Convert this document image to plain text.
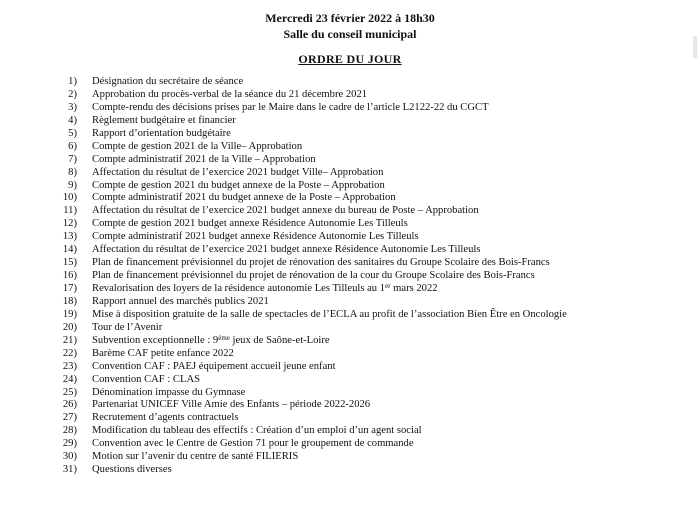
Mercredi 23 février 2022 à 18h30
Salle du conseil municipal
ORDRE DU JOUR
1) Désignation du secrétaire de séance
2) Approbation du procès-verbal de la séance du 21 décembre 2021
3) Compte-rendu des décisions prises par le Maire dans le cadre de l’article L2122-22 du CGCT
4) Règlement budgétaire et financier
5) Rapport d’orientation budgétaire
6) Compte de gestion 2021 de la Ville– Approbation
7) Compte administratif 2021 de la Ville – Approbation
8) Affectation du résultat de l’exercice 2021 budget Ville– Approbation
9) Compte de gestion 2021 du budget annexe de la Poste – Approbation
10) Compte administratif 2021 du budget annexe de la Poste – Approbation
11) Affectation du résultat de l’exercice 2021 budget annexe du bureau de Poste – Approbation
12) Compte de gestion 2021 budget annexe Résidence Autonomie Les Tilleuls
13) Compte administratif 2021 budget annexe Résidence Autonomie Les Tilleuls
14) Affectation du résultat de l’exercice 2021 budget annexe Résidence Autonomie Les Tilleuls
15) Plan de financement prévisionnel du projet de rénovation des sanitaires du Groupe Scolaire des Bois-Francs
16) Plan de financement prévisionnel du projet de rénovation de la cour du Groupe Scolaire des Bois-Francs
17) Revalorisation des loyers de la résidence autonomie Les Tilleuls au 1er mars 2022
18) Rapport annuel des marchés publics 2021
19) Mise à disposition gratuite de la salle de spectacles de l’ECLA au profit de l’association Bien Être en Oncologie
20) Tour de l’Avenir
21) Subvention exceptionnelle : 9ème jeux de Saône-et-Loire
22) Barème CAF petite enfance 2022
23) Convention CAF : PAEJ équipement accueil jeune enfant
24) Convention CAF : CLAS
25) Dénomination impasse du Gymnase
26) Partenariat UNICEF Ville Amie des Enfants – période 2022-2026
27) Recrutement d’agents contractuels
28) Modification du tableau des effectifs : Création d’un emploi d’un agent social
29) Convention avec le Centre de Gestion 71 pour le groupement de commande
30) Motion sur l’avenir du centre de santé FILIERIS
31) Questions diverses
